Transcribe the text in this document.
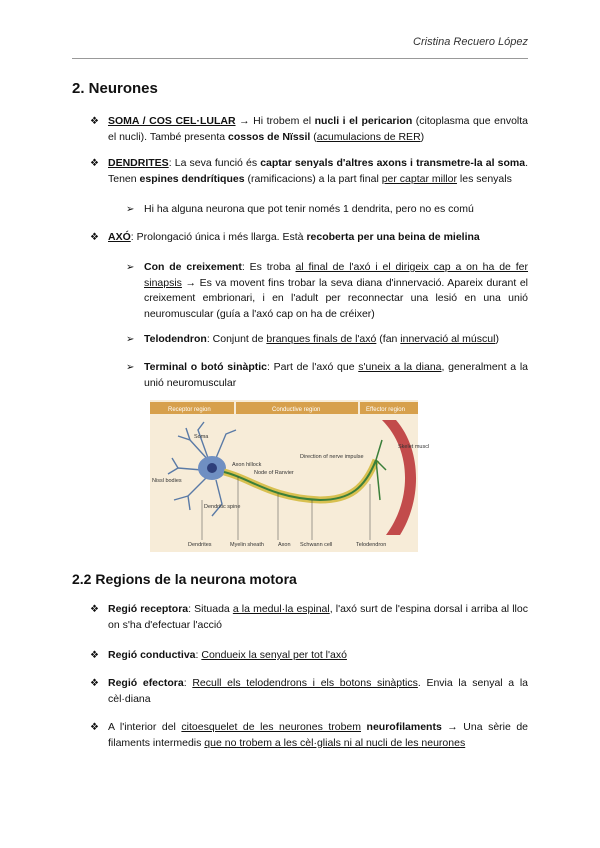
Cristina Recuero López
2. Neurones
❖ SOMA / COS CEL·LULAR → Hi trobem el nucli i el pericarion (citoplasma que envolta el nucli). També presenta cossos de Nïssil (acumulacions de RER)
❖ DENDRITES: La seva funció és captar senyals d'altres axons i transmetre-la al soma. Tenen espines dendrítiques (ramificacions) a la part final per captar millor les senyals
➢ Hi ha alguna neurona que pot tenir només 1 dendrita, pero no es comú
❖ AXÓ: Prolongació única i més llarga. Està recoberta per una beina de mielina
➢ Con de creixement: Es troba al final de l'axó i el dirigeix cap a on ha de fer sinapsis → Es va movent fins trobar la seva diana d'innervació. Apareix durant el creixement embrionari, i en l'adult per reconnectar una lesió en una unió neuromuscular (guía a l'axó cap on ha de créixer)
➢ Telodendron: Conjunt de branques finals de l'axó (fan innervació al múscul)
➢ Terminal o botó sinàptic: Part de l'axó que s'uneix a la diana, generalment a la unió neuromuscular
Receptor region	Conductive region	Effector region
Soma
Axon hillock
Node of Ranvier
Direction of nerve impulse
Nissl bodies
Dendritic spine
Skelet muscl
Dendrites	Myelin sheath	Axon Schwann cell	Telodendron
2.2 Regions de la neurona motora
❖ Regió receptora: Situada a la medul·la espinal, l'axó surt de l'espina dorsal i arriba al lloc on s'ha d'efectuar l'acció
❖ Regió conductiva: Condueix la senyal per tot l'axó
❖ Regió efectora: Recull els telodendrons i els botons sinàptics. Envia la senyal a la cèl·diana
❖ A l'interior del citoesquelet de les neurones trobem neurofilaments → Una sèrie de filaments intermedis que no trobem a les cèl·glials ni al nucli de les neurones
